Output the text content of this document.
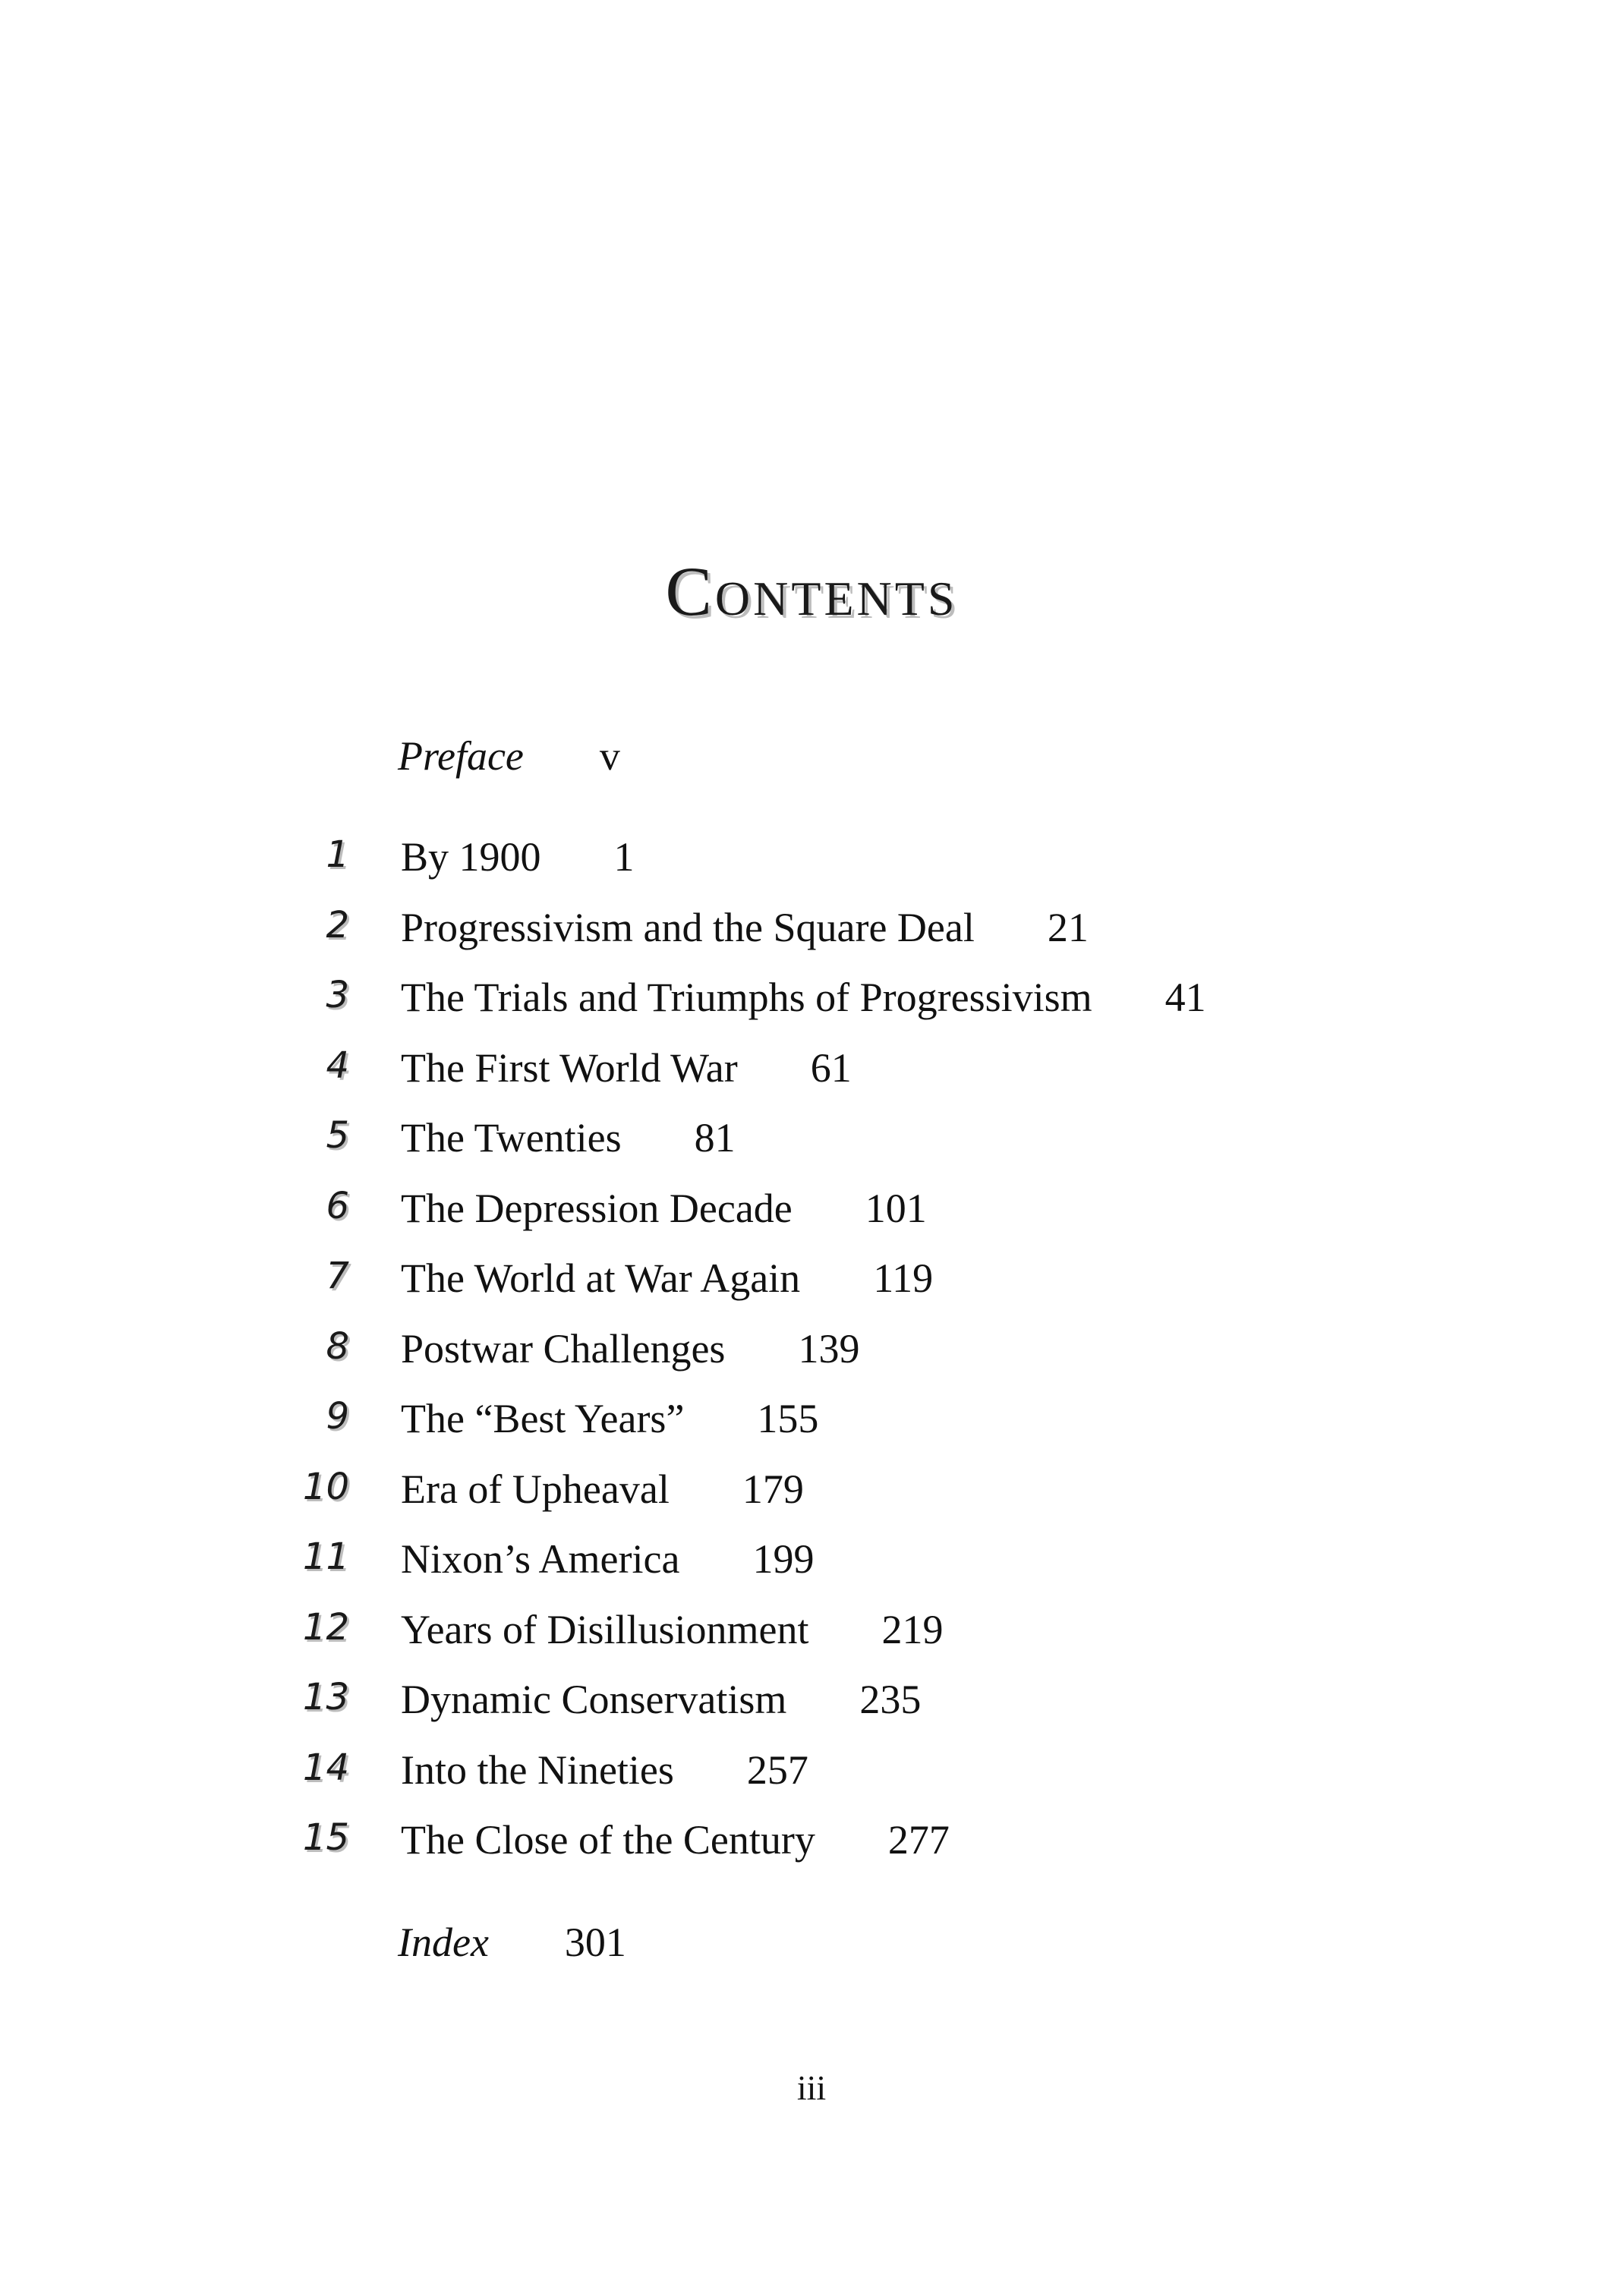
Contents
Preface v
1 By 1900 1
2 Progressivism and the Square Deal 21
3 The Trials and Triumphs of Progressivism 41
4 The First World War 61
5 The Twenties 81
6 The Depression Decade 101
7 The World at War Again 119
8 Postwar Challenges 139
9 The “Best Years” 155
10 Era of Upheaval 179
11 Nixon’s America 199
12 Years of Disillusionment 219
13 Dynamic Conservatism 235
14 Into the Nineties 257
15 The Close of the Century 277
Index 301
iii
